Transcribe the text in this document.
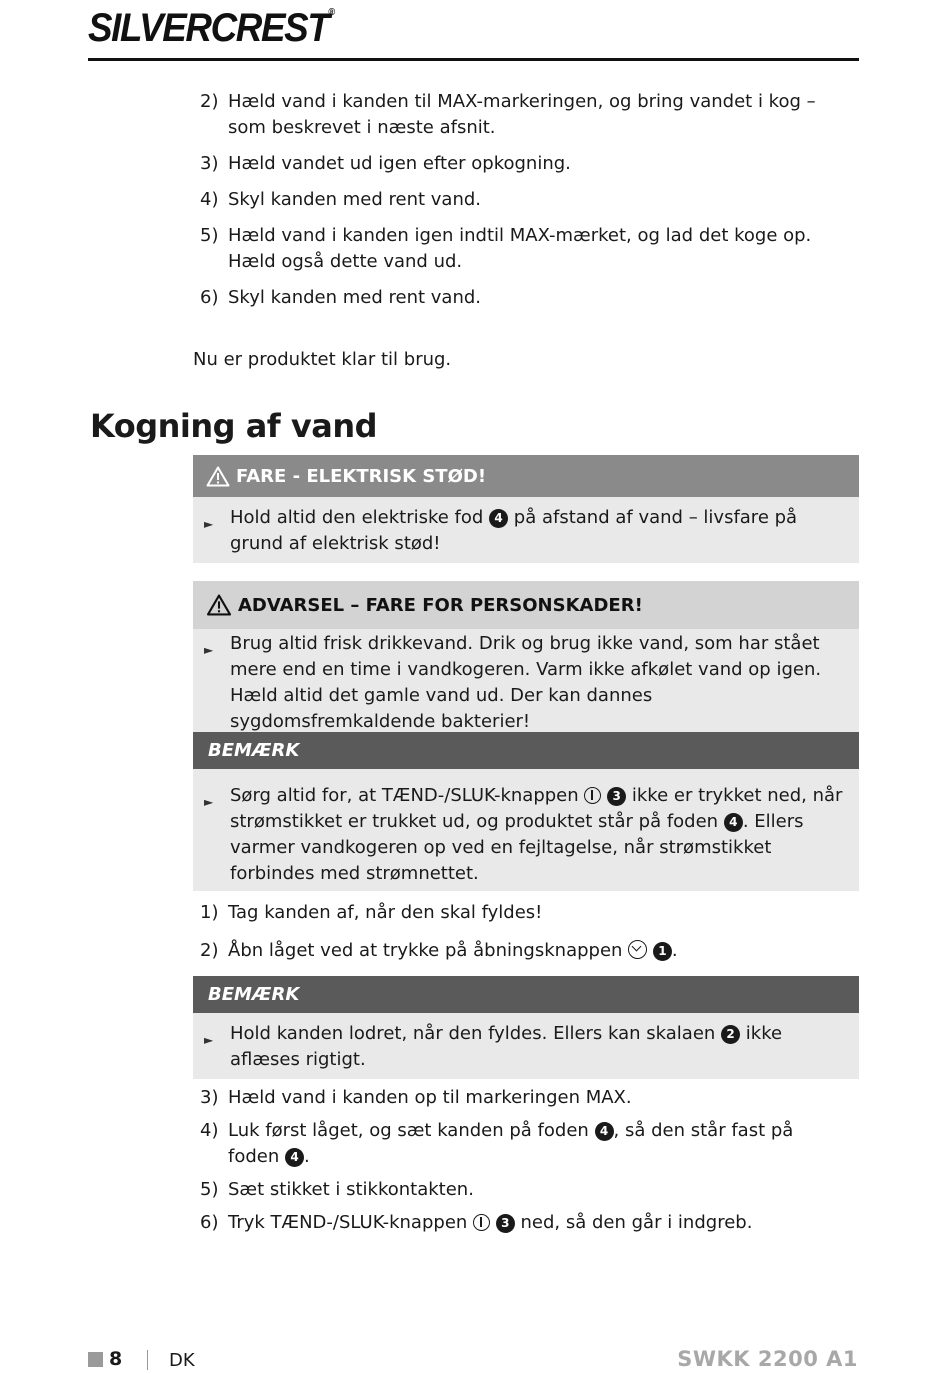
SILVERCREST®
2) Hæld vand i kanden til MAX-markeringen, og bring vandet i kog – som beskrevet i næste afsnit.
3) Hæld vandet ud igen efter opkogning.
4) Skyl kanden med rent vand.
5) Hæld vand i kanden igen indtil MAX-mærket, og lad det koge op.
Hæld også dette vand ud.
6) Skyl kanden med rent vand.

Nu er produktet klar til brug.

Kogning af vand
FARE - ELEKTRISK STØD!
► Hold altid den elektriske fod 4 på afstand af vand – livsfare på grund af elektrisk stød!
ADVARSEL – FARE FOR PERSONSKADER!
► Brug altid frisk drikkevand. Drik og brug ikke vand, som har stået mere end en time i vandkogeren. Varm ikke afkølet vand op igen. Hæld altid det gamle vand ud. Der kan dannes sygdomsfremkaldende bakterier!
BEMÆRK
► Sørg altid for, at TÆND-/SLUK-knappen	3 ikke er trykket ned, når strømstikket er trukket ud, og produktet står på foden 4 . Ellers varmer vandkogeren op ved en fejltagelse, når strømstikket forbindes med strømnettet.
1) Tag kanden af, når den skal fyldes!
2) Åbn låget ved at trykke på åbningsknappen	1 .
BEMÆRK
► Hold kanden lodret, når den fyldes. Ellers kan skalaen 2 ikke aflæses rigtigt.
3) Hæld vand i kanden op til markeringen MAX.
4) Luk først låget, og sæt kanden på foden 4 , så den står fast på foden 4 .
5) Sæt stikket i stikkontakten.
6) Tryk TÆND-/SLUK-knappen	3 ned, så den går i indgreb.
8	DK	SWKK 2200 A1
